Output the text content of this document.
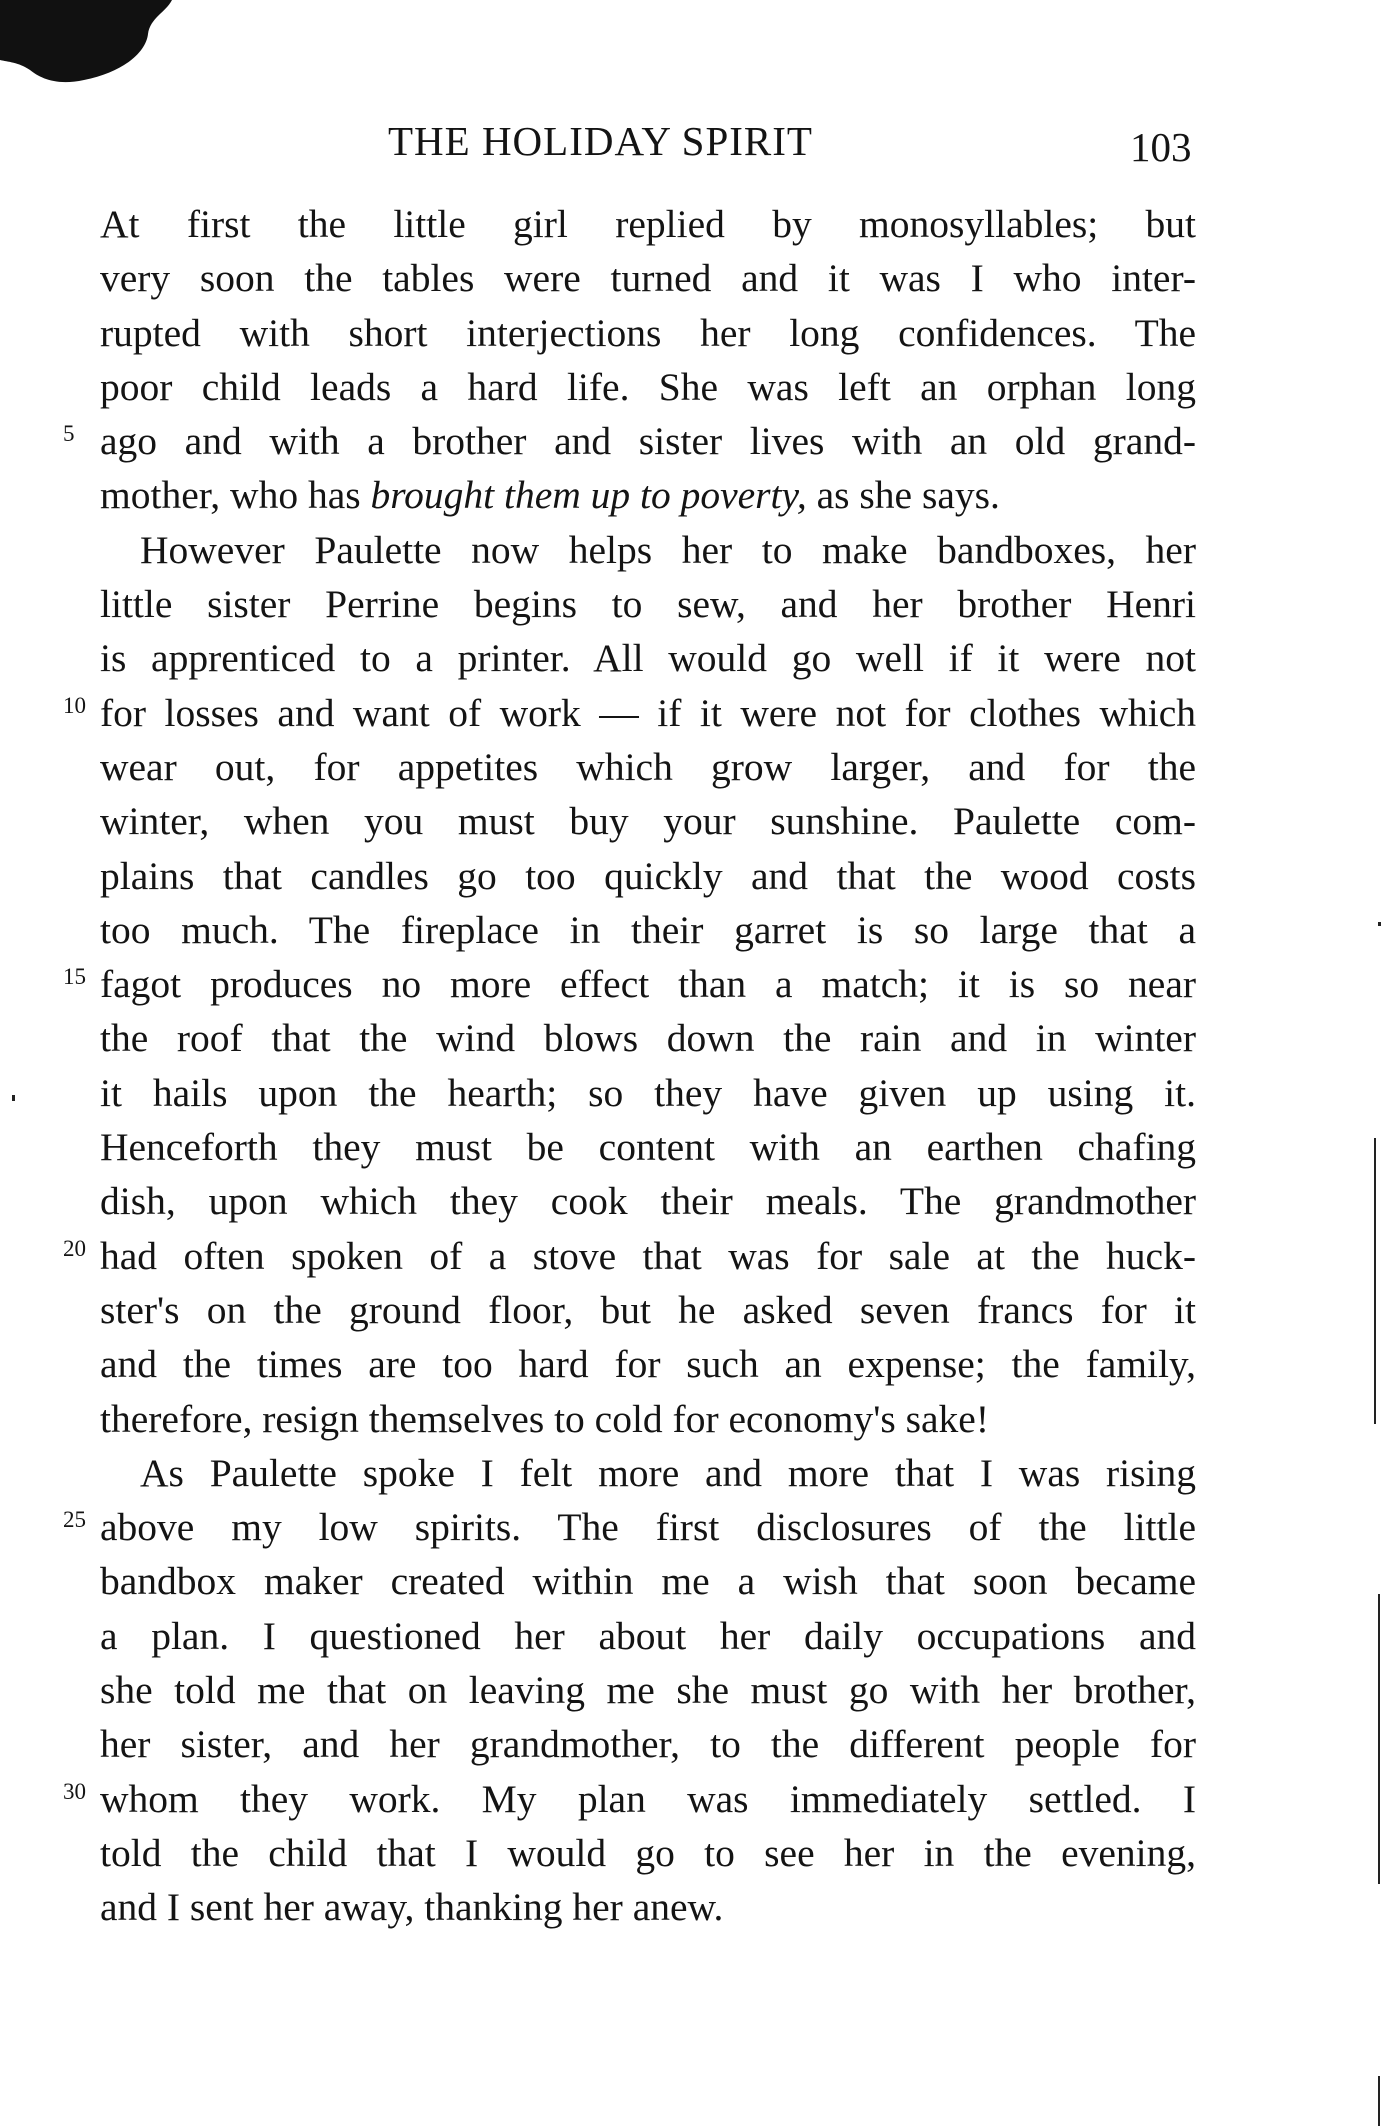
THE HOLIDAY SPIRIT	103
At first the little girl replied by monosyllables; but
very soon the tables were turned and it was I who inter-
rupted with short interjections her long confidences. The
poor child leads a hard life. She was left an orphan long
5 ago and with a brother and sister lives with an old grand-
mother, who has brought them up to poverty, as she says.
However Paulette now helps her to make bandboxes, her
little sister Perrine begins to sew, and her brother Henri
is apprenticed to a printer. All would go well if it were not
10 for losses and want of work — if it were not for clothes which
wear out, for appetites which grow larger, and for the
winter, when you must buy your sunshine. Paulette com-
plains that candles go too quickly and that the wood costs
too much. The fireplace in their garret is so large that a
15 fagot produces no more effect than a match; it is so near
the roof that the wind blows down the rain and in winter
it hails upon the hearth; so they have given up using it.
Henceforth they must be content with an earthen chafing
dish, upon which they cook their meals. The grandmother
20 had often spoken of a stove that was for sale at the huck-
ster's on the ground floor, but he asked seven francs for it
and the times are too hard for such an expense; the family,
therefore, resign themselves to cold for economy's sake!
As Paulette spoke I felt more and more that I was rising
25 above my low spirits. The first disclosures of the little
bandbox maker created within me a wish that soon became
a plan. I questioned her about her daily occupations and
she told me that on leaving me she must go with her brother,
her sister, and her grandmother, to the different people for
30 whom they work. My plan was immediately settled. I
told the child that I would go to see her in the evening,
and I sent her away, thanking her anew.
